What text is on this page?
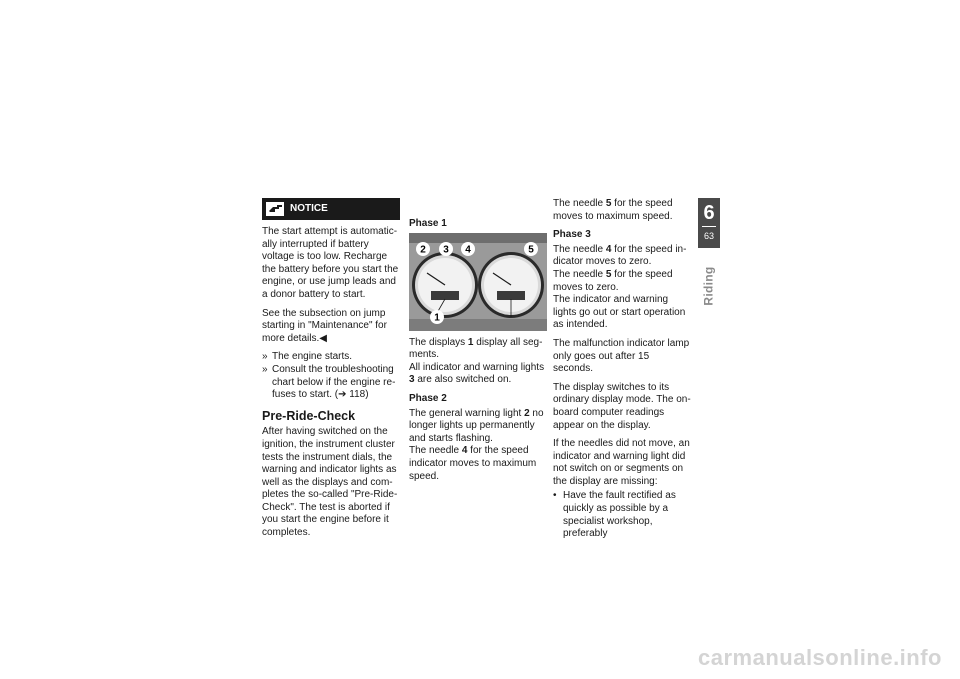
NOTICE

The start attempt is automatically interrupted if battery voltage is too low. Recharge the battery before you start the engine, or use jump leads and a donor battery to start.

See the subsection on jump starting in "Maintenance" for more details.◀

» The engine starts.
» Consult the troubleshooting chart below if the engine refuses to start. (➔ 118)
Pre-Ride-Check

After having switched on the ignition, the instrument cluster tests the instrument dials, the warning and indicator lights as well as the displays and completes the so-called "Pre-Ride-Check". The test is aborted if you start the engine before it completes.

Phase 1
2 3 4	5
1

The displays 1 display all segments.
All indicator and warning lights 3 are also switched on.

Phase 2

The general warning light 2 no longer lights up permanently and starts flashing.
The needle 4 for the speed indicator moves to maximum speed.

The needle 5 for the speed moves to maximum speed.

Phase 3

The needle 4 for the speed indicator moves to zero.
The needle 5 for the speed moves to zero.
The indicator and warning lights go out or start operation as intended.

The malfunction indicator lamp only goes out after 15 seconds.

The display switches to its ordinary display mode. The on-board computer readings appear on the display.

If the needles did not move, an indicator and warning light did not switch on or segments on the display are missing:

• Have the fault rectified as quickly as possible by a specialist workshop, preferably
6
63
Riding
carmanualsonline.info
